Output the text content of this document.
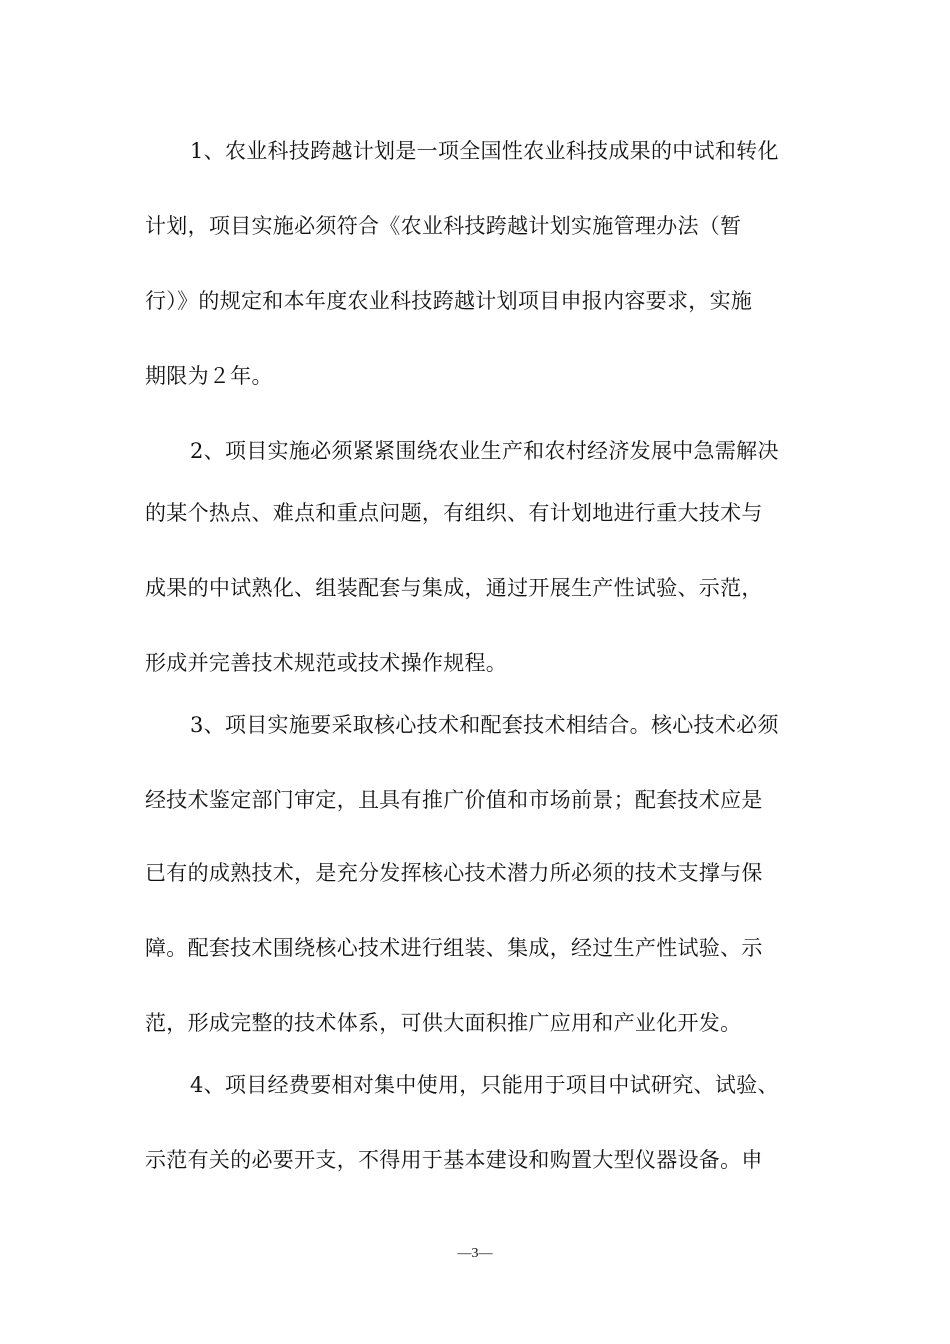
1、农业科技跨越计划是一项全国性农业科技成果的中试和转化
计划，项目实施必须符合《农业科技跨越计划实施管理办法（暂
行）》的规定和本年度农业科技跨越计划项目申报内容要求，实施
期限为２年。
2、项目实施必须紧紧围绕农业生产和农村经济发展中急需解决
的某个热点、难点和重点问题，有组织、有计划地进行重大技术与
成果的中试熟化、组装配套与集成，通过开展生产性试验、示范，
形成并完善技术规范或技术操作规程。
3、项目实施要采取核心技术和配套技术相结合。核心技术必须
经技术鉴定部门审定，且具有推广价值和市场前景；配套技术应是
已有的成熟技术，是充分发挥核心技术潜力所必须的技术支撑与保
障。配套技术围绕核心技术进行组装、集成，经过生产性试验、示
范，形成完整的技术体系，可供大面积推广应用和产业化开发。
4、项目经费要相对集中使用，只能用于项目中试研究、试验、
示范有关的必要开支，不得用于基本建设和购置大型仪器设备。申
—3—
